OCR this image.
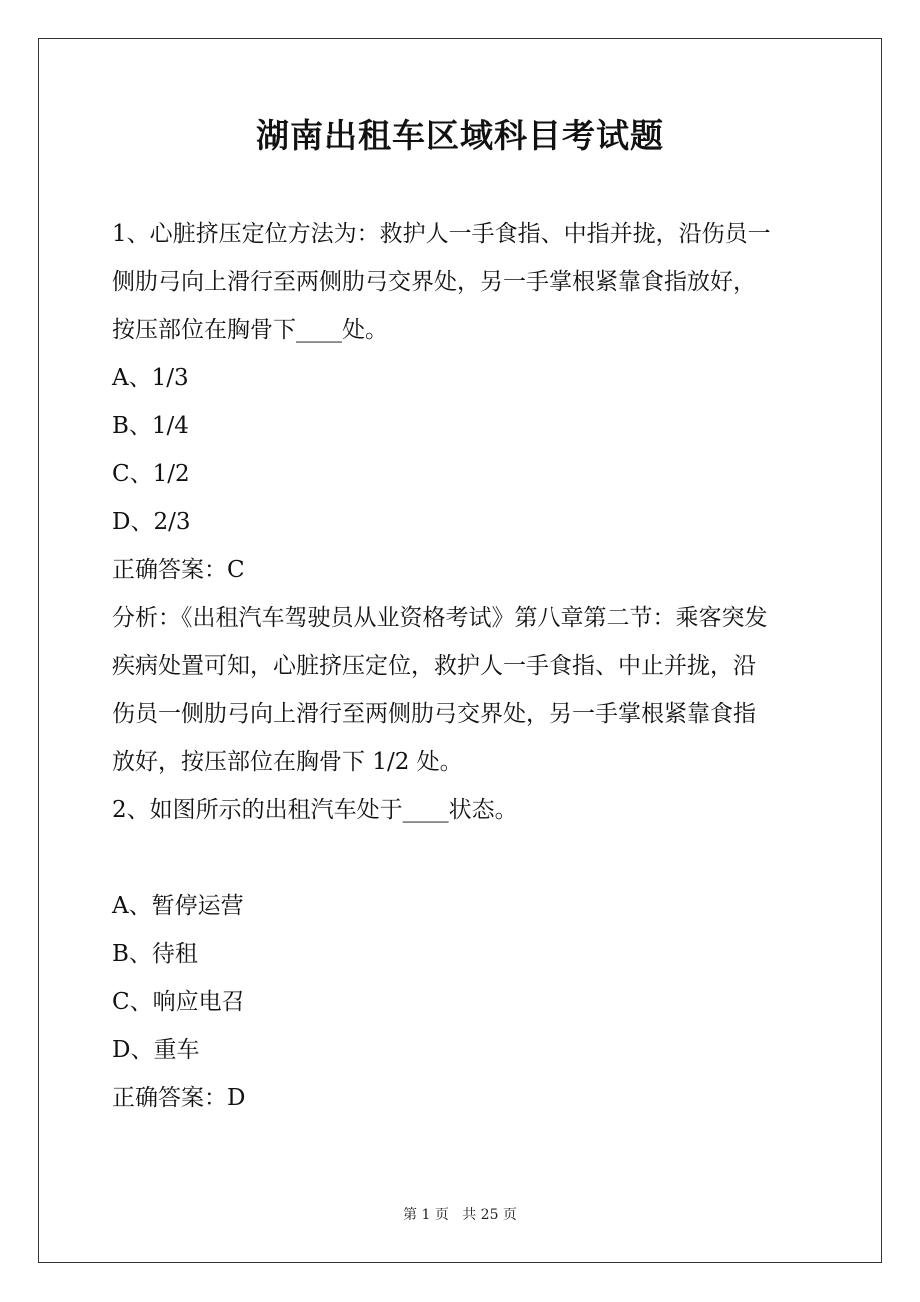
湖南出租车区域科目考试题
1、心脏挤压定位方法为：救护人一手食指、中指并拢，沿伤员一
侧肋弓向上滑行至两侧肋弓交界处，另一手掌根紧靠食指放好，
按压部位在胸骨下____处。
A、1/3
B、1/4
C、1/2
D、2/3
正确答案：C
分析：《出租汽车驾驶员从业资格考试》第八章第二节：乘客突发
疾病处置可知，心脏挤压定位，救护人一手食指、中止并拢，沿
伤员一侧肋弓向上滑行至两侧肋弓交界处，另一手掌根紧靠食指
放好，按压部位在胸骨下 1/2 处。
2、如图所示的出租汽车处于____状态。
A、暂停运营
B、待租
C、响应电召
D、重车
正确答案：D
第 1 页 共 25 页
